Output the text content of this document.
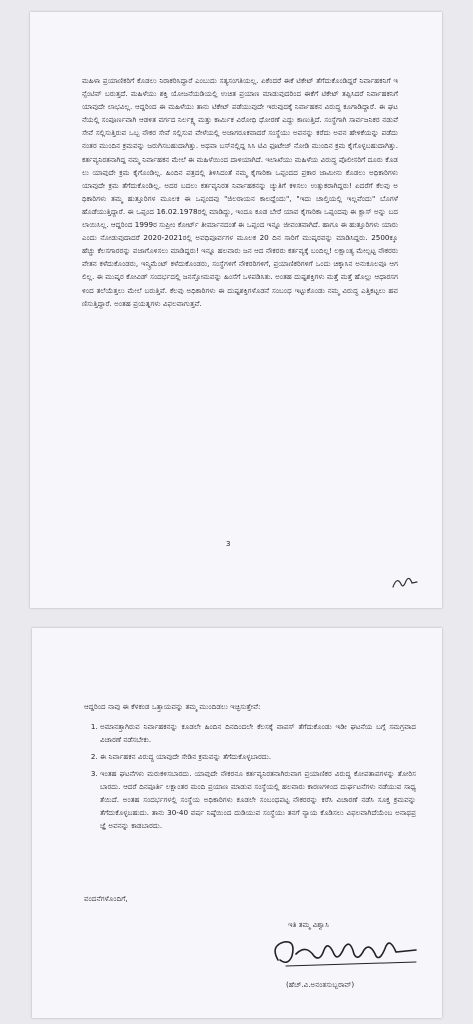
ಮಹಿಳಾ ಪ್ರಯಾಣಿಕರಿಗೆ ಕೊಡಲು ನಿರಾಕರಿಸಿದ್ದಾರೆ ಎಂಬುದು ಸತ್ಯಸಂಗತಿಯಲ್ಲ. ಏಕೆಂದರೆ ಈಕೆ ಟಿಕೇಟ್ ತೆಗೆದುಕೊಂಡಿದ್ದರೆ ನಿರ್ವಾಹಕನಿಗೆ ಇನ್ಸೆಂಟಿವ್ ಬರುತ್ತದೆ. ಮಹಿಳೆಯು ಶಕ್ತಿ ಯೋಜನೆಯಡಿಯಲ್ಲಿ ಉಚಿತ ಪ್ರಯಾಣ ಮಾಡುವುದರಿಂದ ಈಕೆಗೆ ಟಿಕೇಟ್ ತಪ್ಪಿಸಿದರೆ ನಿರ್ವಾಹಕನಿಗೆ ಯಾವುದೇ ಲಾಭವಿಲ್ಲ. ಆದ್ದರಿಂದ ಈ ಮಹಿಳೆಯು ತಾನು ಟಿಕೇಟ್ ಪಡೆಯುವುದೇ ಇರುವುದಕ್ಕೆ ನಿರ್ವಾಹಕನ ವಿರುದ್ಧ ಕೂಗಾಡಿದ್ದಾರೆ. ಈ ಘಟನೆಯಲ್ಲಿ ಸಂಪೂರ್ಣವಾಗಿ ಆಡಳಿತ ವರ್ಗದ ನಿರ್ಲಕ್ಷ್ಯ ಮತ್ತು ಕಾರ್ಮಿಕ ವಿರೋಧಿ ಧೋರಣೆ ಎದ್ದು ಕಾಣುತ್ತಿದೆ. ಸಂಸ್ಥೆಗಾಗಿ ಸಾರ್ವಜನಿಕರ ನಡುವೆ ಸೇವೆ ಸಲ್ಲಿಸುತ್ತಿರುವ ಒಬ್ಬ ನೌಕರ ಸೇವೆ ಸಲ್ಲಿಸುವ ವೇಳೆಯಲ್ಲಿ ಅಜಾಗರೂಕವಾದರೆ ಸಂಸ್ಥೆಯು ಅವನನ್ನು ಕರೆದು ಅವನ ಹೇಳಿಕೆಯನ್ನು ಪಡೆದು ನಂತರ ಮುಂದಿನ ಕ್ರಮವನ್ನು ಜರುಗಿಸಬಹುದಾಗಿತ್ತು. ಅಥವಾ ಬಸ್‌ನಲ್ಲಿದ್ದ ಸಿಸಿ ಟಿವಿ ಫೂಟೇಜ್ ನೋಡಿ ಮುಂದಿನ ಕ್ರಮ ಕೈಗೊಳ್ಳಬಹುದಾಗಿತ್ತು. ಕರ್ತವ್ಯನಿರತನಾಗಿದ್ದ ನಮ್ಮ ನಿರ್ವಾಹಕನ ಮೇಲೆ ಈ ಮಹಿಳೆಯಿಂದ ದಾಳಿಯಾಗಿದೆ. ಇಲಾಖೆಯು ಮಹಿಳೆಯ ವಿರುದ್ಧ ಪೊಲೀಸರಿಗೆ ದೂರು ಕೊಡಲು ಯಾವುದೇ ಕ್ರಮ ಕೈಗೊಂಡಿಲ್ಲ. ಹಿಂದಿನ ಪತ್ರದಲ್ಲಿ ತಿಳಿಸಿದಂತೆ ನಮ್ಮ ಕೈಗಾರಿಕಾ ಒಪ್ಪಂದದ ಪ್ರಕಾರ ಜಾಮೀನು ಕೊಡಲು ಅಧಿಕಾರಿಗಳು ಯಾವುದೇ ಕ್ರಮ ತೆಗೆದುಕೊಂಡಿಲ್ಲ. ಅದರ ಬದಲು ಕರ್ತವ್ಯನಿರತ ನಿರ್ವಾಹಕನನ್ನು ಚ್ಯುತಿಗೆ ಕಳಿಸಲು ಉತ್ಸುಕರಾಗಿದ್ದರು! ಏದರೆಗೆ ಕೆಲವು ಅಧಿಕಾರಿಗಳು ತಮ್ಮ ಹುತ್ತೂರಿಗಳ ಮೂಲಕ ಈ ಒಪ್ಪಂದವು "ಜಿಲರಾಯನ ಕಾಲದ್ದೆಂದು", "ಇದು ಚಾಲ್ತಿಯಲ್ಲಿ ಇಲ್ಲವೆಂದು" ಬೊಗಳೆ ಹೊಡೆಯುತ್ತಿದ್ದಾರೆ. ಈ ಒಪ್ಪಂದ 16.02.1978ರಲ್ಲಿ ಮಾಡಿದ್ದು, ಇಂದೂ ಕೂಡ ಬೇರೆ ಯಾವ ಕೈಗಾರಿಕಾ ಒಪ್ಪಂದವು ಈ ಕ್ಲಾಸ್ ಅನ್ನು ಬದಲಾಯಿಸಿಲ್ಲ. ಆದ್ದರಿಂದ 1999ರ ಸುಪ್ರೀಂ ಕೋರ್ಟ್ ತೀರ್ಮಾನದಂತೆ ಈ ಒಪ್ಪಂದ ಇನ್ನೂ ಜೀವಂತವಾಗಿದೆ. ಹಾಗೂ ಈ ಹುತ್ತೂರಿಗಳು ಯಾರು ಎಂದು ನೋಡುವುದಾದರೆ 2020-2021ರಲ್ಲಿ ಅವಧಿಪೂರ್ವಗಳ ಮೂಲಕ 20 ದಿನ ಸಾರಿಗೆ ಮುಷ್ಕರವನ್ನು ಮಾಡಿಸಿದ್ದರು. 2500ಕ್ಕೂ ಹೆಚ್ಚು ಕೆಲಸಗಾರರನ್ನು ವಜಾಗೊಳಿಸಲು ಮಾಡಿದ್ದರು! ಇನ್ನೂ ಹಲವಾರು ಜನ ಆದ ನೌಕರರು ಕರ್ತವ್ಯಕ್ಕೆ ಬಂದಿಲ್ಲ! ಲಕ್ಷಾಂತ್ಯ ಮೇಲ್ಪಟ್ಟ ನೌಕರರು ವೇತನ ಕಳೆದುಕೊಂಡರು, ಇನ್ಕ್ರಿಮೆಂಟ್ ಕಳೆದುಕೊಂಡರು, ಸಂಸ್ಥೆಗಳಿಗೆ ನೌಕರರಿಗಳಿಗೆ, ಪ್ರಯಾಣಿಕರಿಗಳಿಗೆ ಒಂದು ಚಿಕ್ಕಾಸಿನ ಅನುಕೂಲವೂ ಆಗಲಿಲ್ಲ. ಈ ಮುಷ್ಕರ ಕೋವಿಡ್ ಸಂದರ್ಭದಲ್ಲಿ ಜನಸ್ತೋಮವನ್ನು ಹಿಂಸೆಗೆ ಒಳಪಡಿಸಿತು. ಅಂತಹ ದುಷ್ಟಶಕ್ತಿಗಳು ಮತ್ತೆ ಮತ್ತೆ ಹೊಲ್ಲು ಆಧಾರಸಗಳಿಂದ ತಲೆಯೆತ್ತಲು ಮೇಲೆ ಬರುತ್ತಿವೆ. ಕೆಲವು ಅಧಿಕಾರಿಗಳು ಈ ದುಷ್ಟಶಕ್ತಿಗಳೊಡನೆ ಸಂಬಂಧ ಇಟ್ಟುಕೊಂಡು ನಮ್ಮ ವಿರುದ್ಧ ಎತ್ತಿಕಟ್ಟಲು ಹವಣಿಸುತ್ತಿದ್ದಾರೆ. ಅಂತಹ ಪ್ರಯತ್ನಗಳು ವಿಫಲವಾಗುತ್ತವೆ.

3

ಆದ್ದರಿಂದ ನಾವು ಈ ಕೆಳಕಂಡ ಒತ್ತಾಯವನ್ನು ತಮ್ಮ ಮುಂದಿಡಲು ಇಚ್ಛಿಸುತ್ತೇವೆ:

1. ಅಮಾನತ್ತಾಗಿರುವ ನಿರ್ವಾಹಕನನ್ನು ಕೂಡಲೇ ಹಿಂದಿನ ದಿನದಿಂದಲೇ ಕೆಲಸಕ್ಕೆ ವಾಪಸ್ ತೆಗೆದುಕೊಂಡು ಇಡೀ ಘಟನೆಯ ಬಗ್ಗೆ ಸಮಗ್ರವಾದ ವಿಚಾರಣೆ ನಡೆಸಬೇಕು.
2. ಈ ನಿರ್ವಾಹಕನ ವಿರುದ್ಧ ಯಾವುದೇ ಸೇಡಿನ ಕ್ರಮವನ್ನು ತೆಗೆದುಕೊಳ್ಳಬಾರದು.
3. ಇಂತಹ ಘಟನೆಗಳು ಮರುಕಳಿಸಬಾರದು. ಯಾವುದೇ ನೌಕರನೂ ಕರ್ತವ್ಯನಿರತನಾಗಿರುವಾಗ ಪ್ರಯಾಣಿಕರ ವಿರುದ್ಧ ಕೋಪತಾಪಗಳನ್ನು ತೋರಿಸಬಾರದು. ಆದರೆ ದಿನಪೂರ್ತಿ ಲಕ್ಷಾಂತರ ಮಂದಿ ಪ್ರಯಾಣ ಮಾಡುವ ಸಂಸ್ಥೆಯಲ್ಲಿ ಹಲವಾರು ಕಾರಣಗಳಿಂದ ದುರ್ಘಟನೆಗಳು ನಡೆಯುವ ಸಾಧ್ಯತೆಯಿದೆ. ಅಂತಹ ಸಂದರ್ಭಗಳಲ್ಲಿ ಸಂಸ್ಥೆಯ ಅಧಿಕಾರಿಗಳು ಕೂಡಲೇ ಸಂಬಂಧಪಟ್ಟ ನೌಕರರನ್ನು ಕರೆಸಿ ವಿಚಾರಣೆ ನಡೆಸಿ ಸೂಕ್ತ ಕ್ರಮವನ್ನು ತೆಗೆದುಕೊಳ್ಳಬಹುದು. ತಾನು 30-40 ವರ್ಷ ನಿಷ್ಠೆಯಿಂದ ದುಡಿಯುವ ಸಂಸ್ಥೆಯು ತನಗೆ ನ್ಯಾಯ ಕೊಡಿಸಲು ವಿಫಲವಾಗಿದೆಯೆಂಬ ಅನಾಥಪ್ರಜ್ಞೆ ಅವನನ್ನು ಕಾಡಬಾರದು.
ವಂದನೆಗಳೊಂದಿಗೆ,
ಇತಿ ತಮ್ಮ ವಿಶ್ವಾಸಿ
(ಹೆಚ್.ವಿ.ಅನಂತಸುಬ್ಬರಾವ್)
